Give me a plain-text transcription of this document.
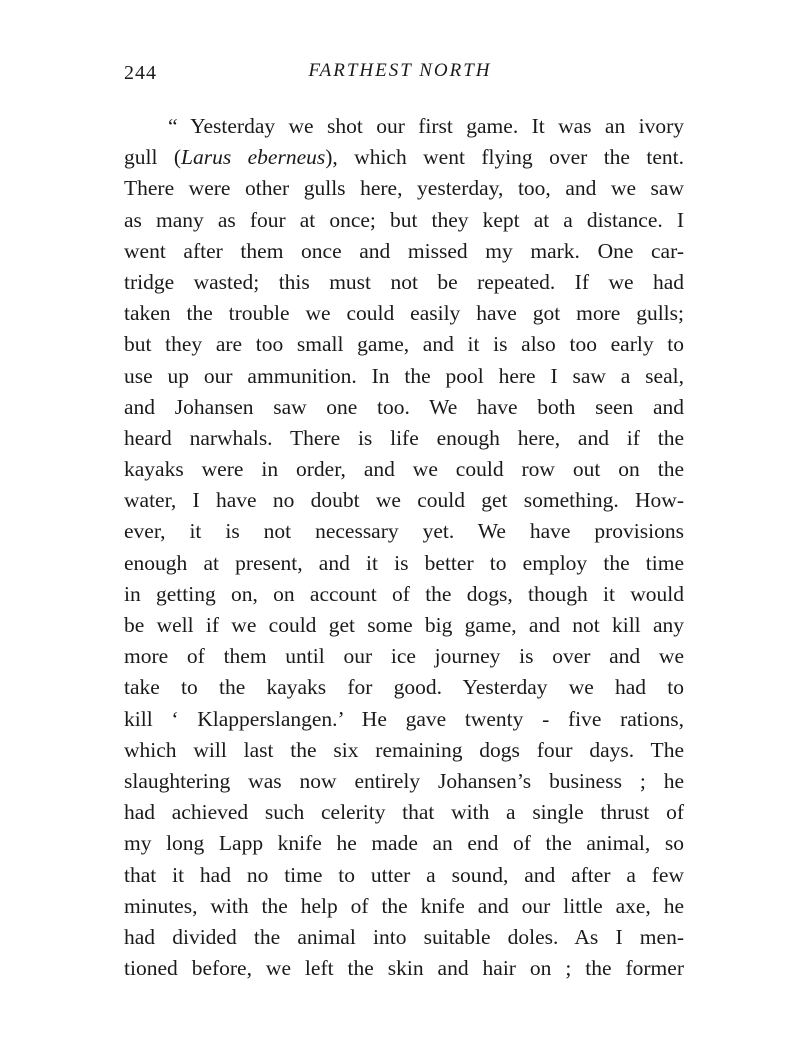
244	FARTHEST NORTH
“ Yesterday we shot our first game. It was an ivory
gull (Larus eberneus), which went flying over the tent.
There were other gulls here, yesterday, too, and we saw
as many as four at once; but they kept at a distance. I
went after them once and missed my mark. One car-
tridge wasted; this must not be repeated. If we had
taken the trouble we could easily have got more gulls;
but they are too small game, and it is also too early to
use up our ammunition. In the pool here I saw a seal,
and Johansen saw one too. We have both seen and
heard narwhals. There is life enough here, and if the
kayaks were in order, and we could row out on the
water, I have no doubt we could get something. How-
ever, it is not necessary yet. We have provisions
enough at present, and it is better to employ the time
in getting on, on account of the dogs, though it would
be well if we could get some big game, and not kill any
more of them until our ice journey is over and we
take to the kayaks for good. Yesterday we had to
kill ‘ Klapperslangen.’ He gave twenty - five rations,
which will last the six remaining dogs four days. The
slaughtering was now entirely Johansen’s business ; he
had achieved such celerity that with a single thrust of
my long Lapp knife he made an end of the animal, so
that it had no time to utter a sound, and after a few
minutes, with the help of the knife and our little axe, he
had divided the animal into suitable doles. As I men-
tioned before, we left the skin and hair on ; the former
